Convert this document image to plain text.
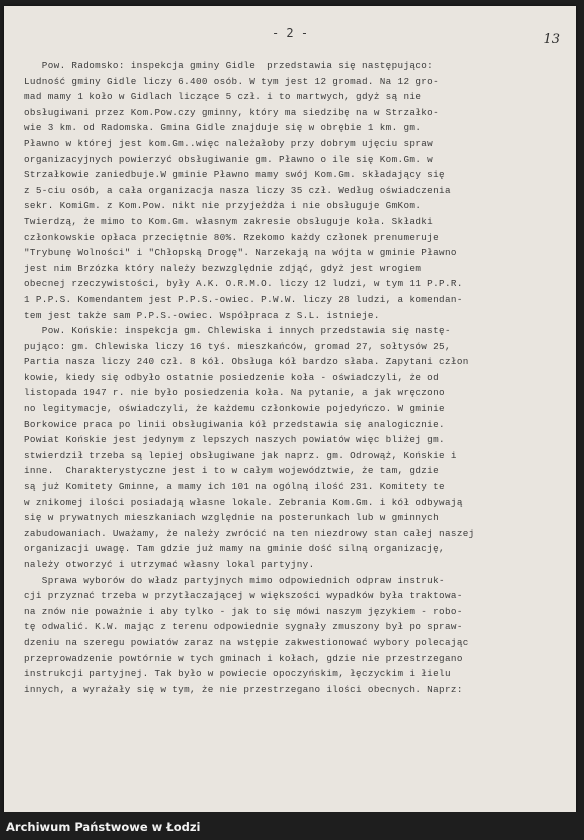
- 2 -	13
Pow. Radomsko: inspekcja gminy Gidle  przedstawia się następująco:
Ludność gminy Gidle liczy 6.400 osób. W tym jest 12 gromad. Na 12 gro-
mad mamy 1 koło w Gidlach liczące 5 czł. i to martwych, gdyż są nie
obsługiwani przez Kom.Pow.czy gminny, który ma siedzibę na w Strzałko-
wie 3 km. od Radomska. Gmina Gidle znajduje się w obrębie 1 km. gm.
Pławno w której jest kom.Gm..więc należałoby przy dobrym ujęciu spraw
organizacyjnych powierzyć obsługiwanie gm. Pławno o ile się Kom.Gm. w
Strzałkowie zaniedbuje.W gminie Pławno mamy swój Kom.Gm. składający się
z 5-ciu osób, a cała organizacja nasza liczy 35 czł. Według oświadczenia
sekr. KomiGm. z Kom.Pow. nikt nie przyjeżdża i nie obsługuje GmKom.
Twierdzą, że mimo to Kom.Gm. własnym zakresie obsługuje koła. Składki
członkowskie opłaca przeciętnie 80%. Rzekomo każdy członek prenumeruje
"Trybunę Wolności" i "Chłopską Drogę". Narzekają na wójta w gminie Pławno
jest nim Brzózka który należy bezwzględnie zdjąć, gdyż jest wrogiem
obecnej rzeczywistości, były A.K. O.R.M.O. liczy 12 ludzi, w tym 11 P.P.R.
1 P.P.S. Komendantem jest P.P.S.-owiec. P.W.W. liczy 28 ludzi, a komendan-
tem jest także sam P.P.S.-owiec. Współpraca z S.L. istnieje.
Pow. Końskie: inspekcja gm. Chlewiska i innych przedstawia się nastę-
pująco: gm. Chlewiska liczy 16 tyś. mieszkańców, gromad 27, sołtysów 25,
Partia nasza liczy 240 czł. 8 kół. Obsługa kół bardzo słaba. Zapytani człon
kowie, kiedy się odbyło ostatnie posiedzenie koła - oświadczyli, że od
listopada 1947 r. nie było posiedzenia koła. Na pytanie, a jak wręczono
no legitymacje, oświadczyli, że każdemu członkowie pojedyńczo. W gminie
Borkowice praca po linii obsługiwania kół przedstawia się analogicznie.
Powiat Końskie jest jedynym z lepszych naszych powiatów więc bliżej gm.
stwierdził trzeba są lepiej obsługiwane jak naprz. gm. Odrowąż, Końskie i
inne.  Charakterystyczne jest i to w całym województwie, że tam, gdzie
są już Komitety Gminne, a mamy ich 101 na ogólną ilość 231. Komitety te
w znikomej ilości posiadają własne lokale. Zebrania Kom.Gm. i kół odbywają
się w prywatnych mieszkaniach względnie na posterunkach lub w gminnych
zabudowaniach. Uważamy, że należy zwrócić na ten niezdrowy stan całej naszej
organizacji uwagę. Tam gdzie już mamy na gminie dość silną organizację,
należy otworzyć i utrzymać własny lokal partyjny.
Sprawa wyborów do władz partyjnych mimo odpowiednich odpraw instruk-
cji przyznać trzeba w przytłaczającej w większości wypadków była traktowa-
na znów nie poważnie i aby tylko - jak to się mówi naszym językiem - robo-
tę odwalić. K.W. mając z terenu odpowiednie sygnały zmuszony był po spraw-
dzeniu na szeregu powiatów zaraz na wstępie zakwestionować wybory polecając
przeprowadzenie powtórnie w tych gminach i kołach, gdzie nie przestrzegano
instrukcji partyjnej. Tak było w powiecie opoczyńskim, łęczyckim i łielu
innych, a wyrażały się w tym, że nie przestrzegano ilości obecnych. Naprz:
Archiwum Państwowe w Łodzi
